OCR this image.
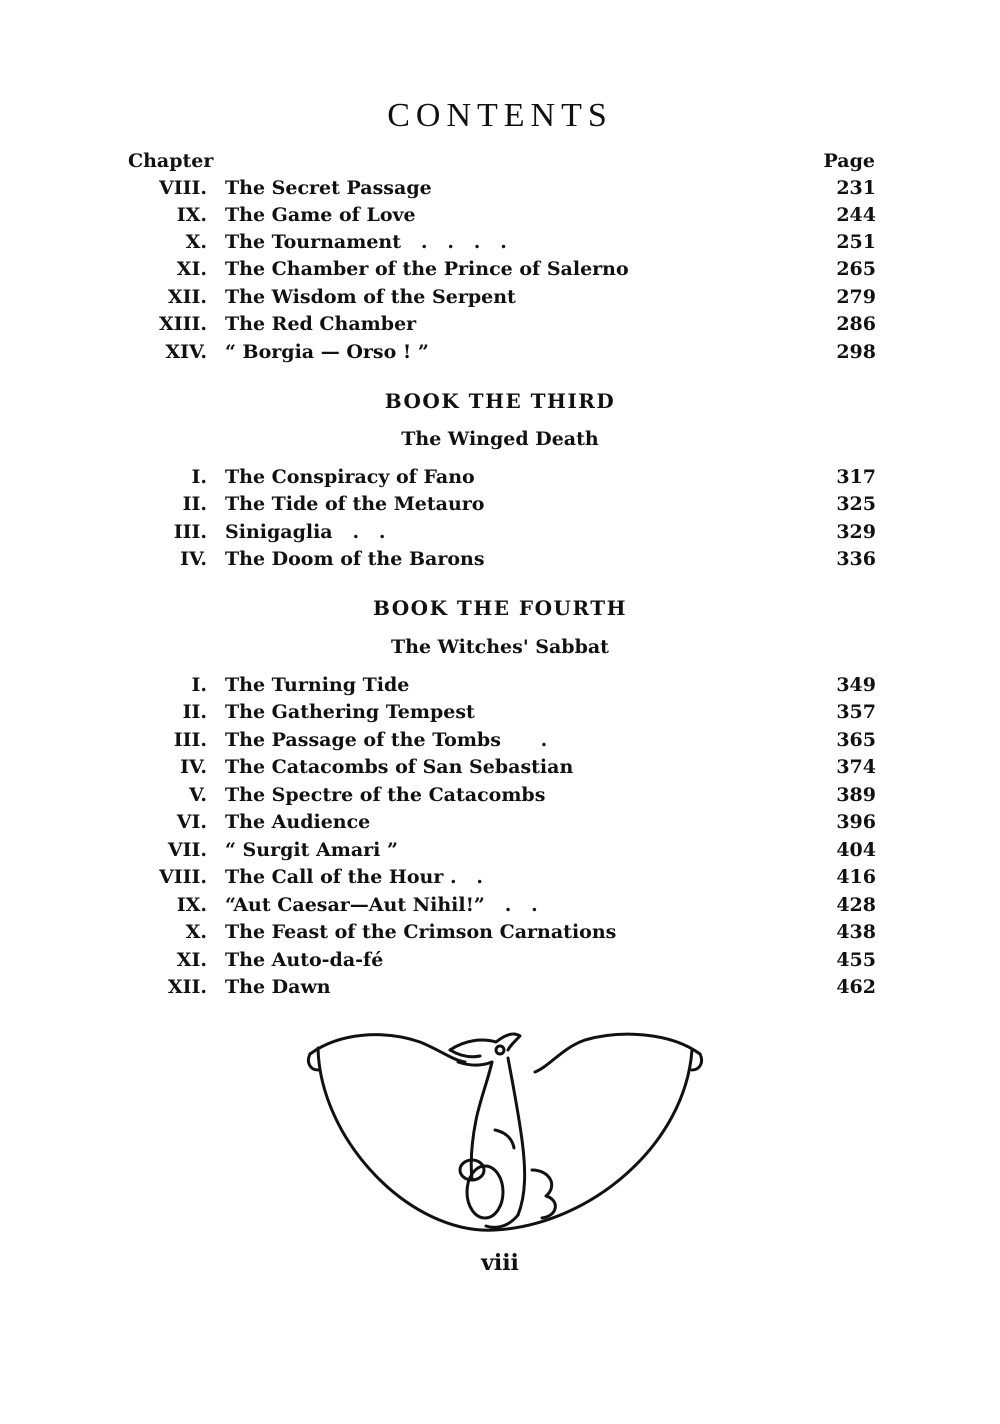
CONTENTS
Chapter	Page
VIII. The Secret Passage	231
IX. The Game of Love	244
X. The Tournament   .   .   .   .	251
XI. The Chamber of the Prince of Salerno	265
XII. The Wisdom of the Serpent	279
XIII. The Red Chamber	286
XIV. “ Borgia — Orso ! ”	298
BOOK THE THIRD
The Winged Death
I. The Conspiracy of Fano	317
II. The Tide of the Metauro	325
III. Sinigaglia   .   .	329
IV. The Doom of the Barons	336
BOOK THE FOURTH
The Witches' Sabbat
I. The Turning Tide	349
II. The Gathering Tempest	357
III. The Passage of the Tombs      .	365
IV. The Catacombs of San Sebastian	374
V. The Spectre of the Catacombs	389
VI. The Audience	396
VII. “ Surgit Amari ”	404
VIII. The Call of the Hour .   .	416
IX. “Aut Caesar—Aut Nihil!”   .   .	428
X. The Feast of the Crimson Carnations	438
XI. The Auto-da-fé	455
XII. The Dawn	462
viii
